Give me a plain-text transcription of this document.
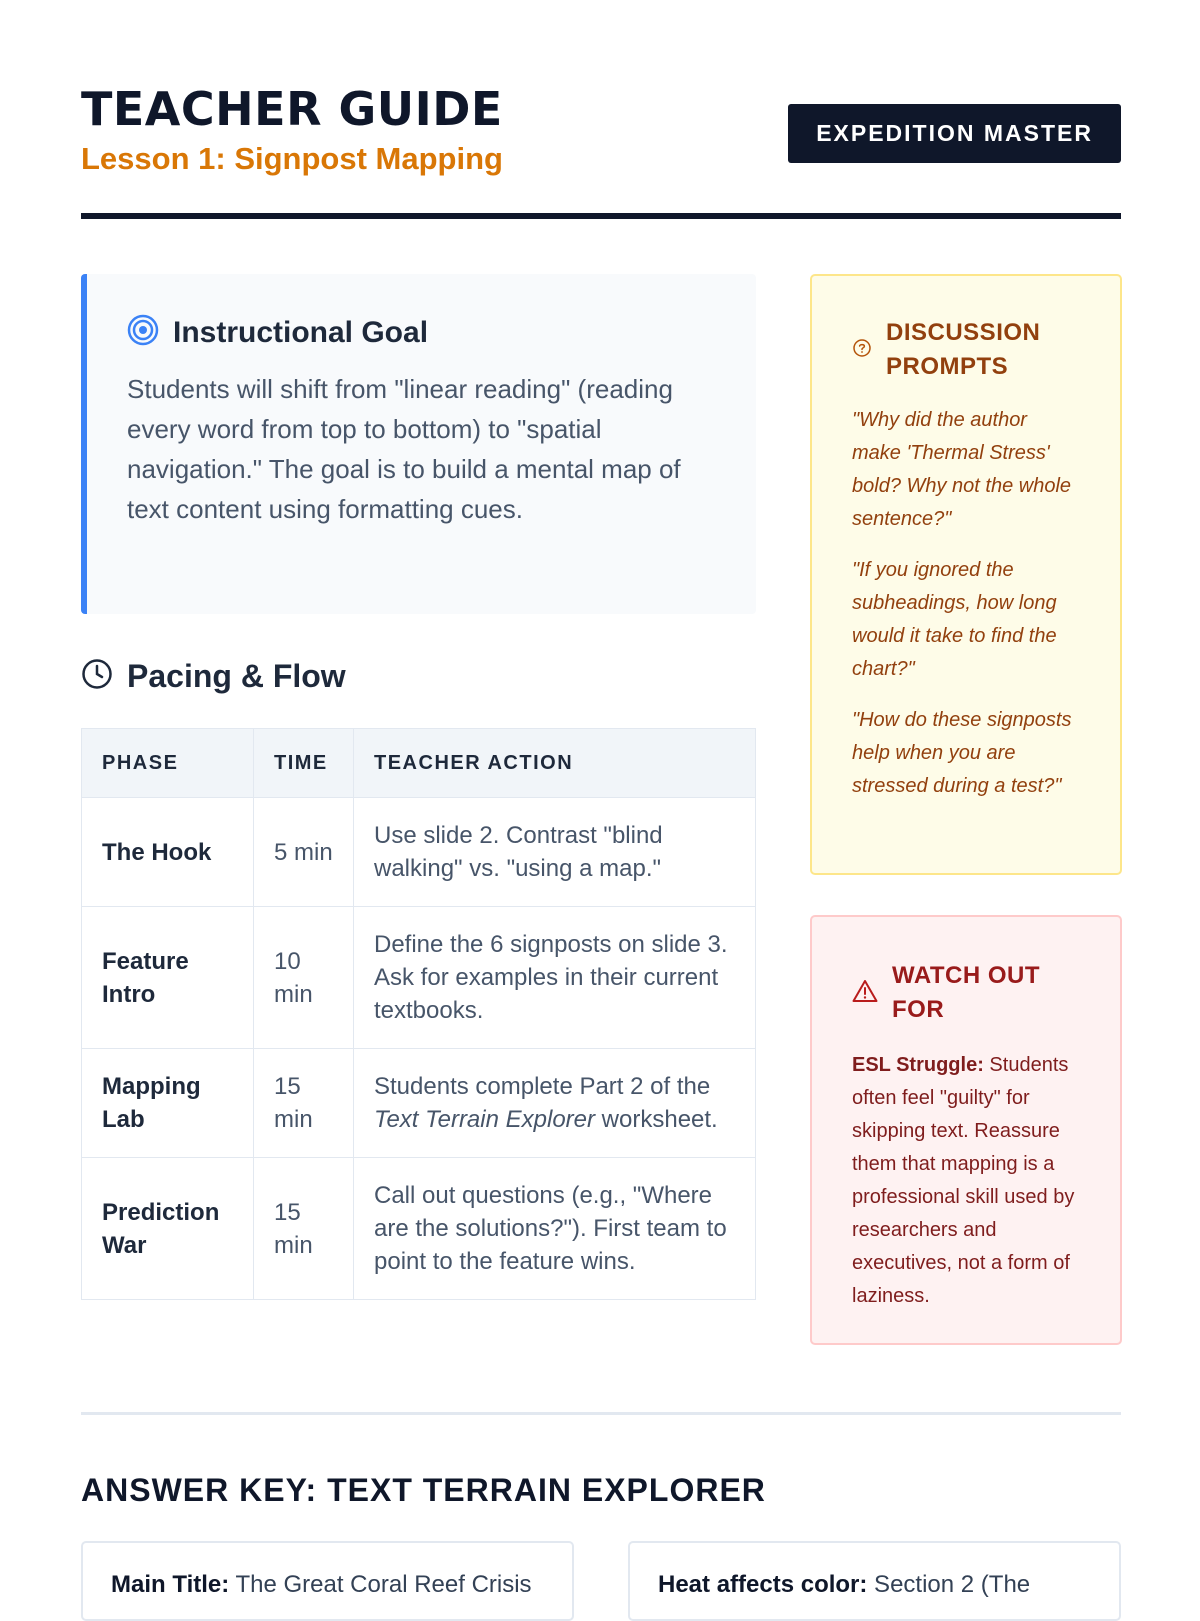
TEACHER GUIDE
Lesson 1: Signpost Mapping
EXPEDITION MASTER
Instructional Goal
Students will shift from "linear reading" (reading every word from top to bottom) to "spatial navigation." The goal is to build a mental map of text content using formatting cues.
Pacing & Flow
PHASE	TIME	TEACHER ACTION
The Hook	5 min	Use slide 2. Contrast "blind walking" vs. "using a map."
Feature Intro	10 min	Define the 6 signposts on slide 3. Ask for examples in their current textbooks.
Mapping Lab	15 min	Students complete Part 2 of the Text Terrain Explorer worksheet.
Prediction War	15 min	Call out questions (e.g., "Where are the solutions?"). First team to point to the feature wins.
DISCUSSION PROMPTS
"Why did the author make 'Thermal Stress' bold? Why not the whole sentence?"
"If you ignored the subheadings, how long would it take to find the chart?"
"How do these signposts help when you are stressed during a test?"
WATCH OUT FOR
ESL Struggle: Students often feel "guilty" for skipping text. Reassure them that mapping is a professional skill used by researchers and executives, not a form of laziness.
ANSWER KEY: TEXT TERRAIN EXPLORER
Main Title: The Great Coral Reef Crisis	Heat affects color: Section 2 (The
